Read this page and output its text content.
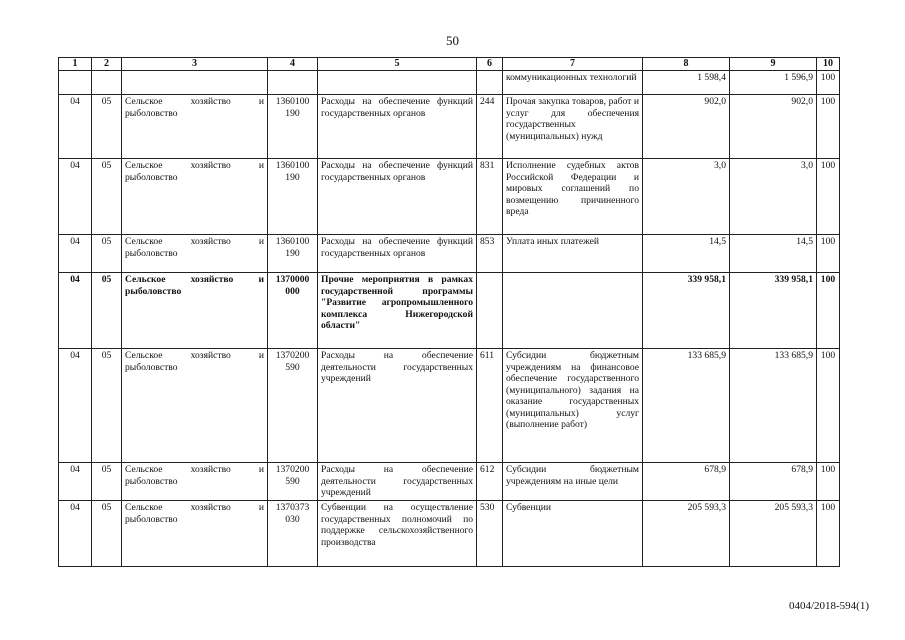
50
1	2	3	4	5	6	7	8	9	10
						коммуникационных технологий	1 598,4	1 596,9	100
04	05	Сельское хозяйство и рыболовство	1360100 190	Расходы на обеспечение функций государственных органов	244	Прочая закупка товаров, работ и услуг для обеспечения государственных (муниципальных) нужд	902,0	902,0	100
04	05	Сельское хозяйство и рыболовство	1360100 190	Расходы на обеспечение функций государственных органов	831	Исполнение судебных актов Российской Федерации и мировых соглашений по возмещению причиненного вреда	3,0	3,0	100
04	05	Сельское хозяйство и рыболовство	1360100 190	Расходы на обеспечение функций государственных органов	853	Уплата иных платежей	14,5	14,5	100
04	05	Сельское хозяйство и рыболовство	1370000 000	Прочие мероприятия в рамках государственной программы "Развитие агропромышленного комплекса Нижегородской области"			339 958,1	339 958,1	100
04	05	Сельское хозяйство и рыболовство	1370200 590	Расходы на обеспечение деятельности государственных учреждений	611	Субсидии бюджетным учреждениям на финансовое обеспечение государственного (муниципального) задания на оказание государственных (муниципальных) услуг (выполнение работ)	133 685,9	133 685,9	100
04	05	Сельское хозяйство и рыболовство	1370200 590	Расходы на обеспечение деятельности государственных учреждений	612	Субсидии бюджетным учреждениям на иные цели	678,9	678,9	100
04	05	Сельское хозяйство и рыболовство	1370373 030	Субвенции на осуществление государственных полномочий по поддержке сельскохозяйственного производства	530	Субвенции	205 593,3	205 593,3	100
0404/2018-594(1)
